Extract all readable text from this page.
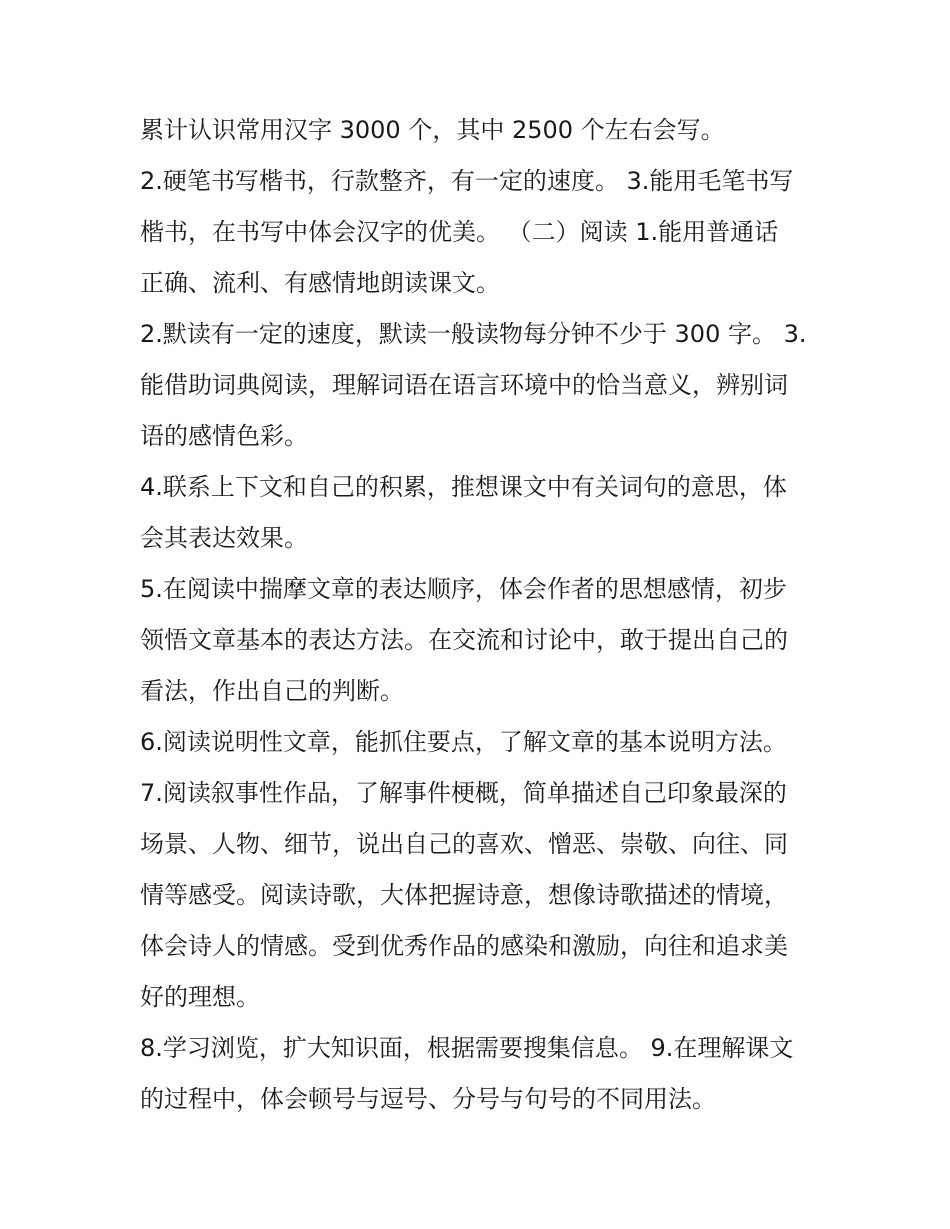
累计认识常用汉字 3000 个，其中 2500 个左右会写。
2.硬笔书写楷书，行款整齐，有一定的速度。 3.能用毛笔书写
楷书，在书写中体会汉字的优美。 （二）阅读 1.能用普通话
正确、流利、有感情地朗读课文。
2.默读有一定的速度，默读一般读物每分钟不少于 300 字。 3.
能借助词典阅读，理解词语在语言环境中的恰当意义，辨别词
语的感情色彩。
4.联系上下文和自己的积累，推想课文中有关词句的意思，体
会其表达效果。
5.在阅读中揣摩文章的表达顺序，体会作者的思想感情，初步
领悟文章基本的表达方法。在交流和讨论中，敢于提出自己的
看法，作出自己的判断。
6.阅读说明性文章，能抓住要点，了解文章的基本说明方法。
7.阅读叙事性作品，了解事件梗概，简单描述自己印象最深的
场景、人物、细节，说出自己的喜欢、憎恶、崇敬、向往、同
情等感受。阅读诗歌，大体把握诗意，想像诗歌描述的情境，
体会诗人的情感。受到优秀作品的感染和激励，向往和追求美
好的理想。
8.学习浏览，扩大知识面，根据需要搜集信息。 9.在理解课文
的过程中，体会顿号与逗号、分号与句号的不同用法。
